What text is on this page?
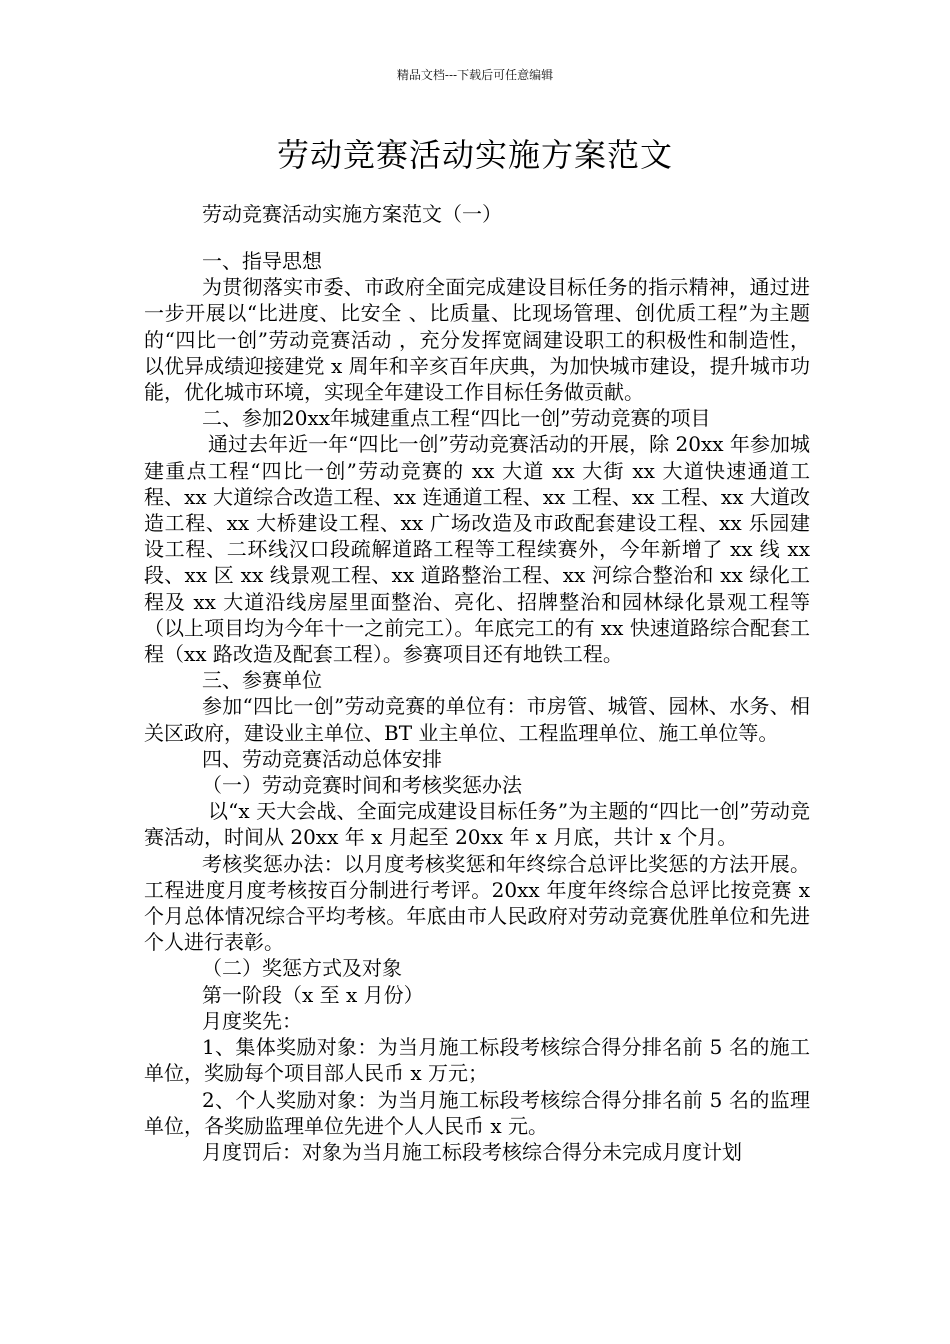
精品文档---下载后可任意编辑
劳动竞赛活动实施方案范文
劳动竞赛活动实施方案范文（一）

一、指导思想

为贯彻落实市委、市政府全面完成建设目标任务的指示精神，通过进一步开展以“比进度、比安全 、比质量、比现场管理、创优质工程”为主题的“四比一创”劳动竞赛活动 ，充分发挥宽阔建设职工的积极性和制造性，以优异成绩迎接建党 x 周年和辛亥百年庆典，为加快城市建设，提升城市功能，优化城市环境，实现全年建设工作目标任务做贡献。

二、参加20xx年城建重点工程“四比一创”劳动竞赛的项目

通过去年近一年“四比一创”劳动竞赛活动的开展，除 20xx 年参加城建重点工程“四比一创”劳动竞赛的 xx 大道 xx 大街 xx 大道快速通道工程、xx 大道综合改造工程、xx 连通道工程、xx 工程、xx 工程、xx 大道改造工程、xx 大桥建设工程、xx 广场改造及市政配套建设工程、xx 乐园建设工程、二环线汉口段疏解道路工程等工程续赛外，今年新增了 xx 线 xx 段、xx 区 xx 线景观工程、xx 道路整治工程、xx 河综合整治和 xx 绿化工程及 xx 大道沿线房屋里面整治、亮化、招牌整治和园林绿化景观工程等（以上项目均为今年十一之前完工）。年底完工的有 xx 快速道路综合配套工程（xx 路改造及配套工程）。参赛项目还有地铁工程。

三、参赛单位

参加“四比一创”劳动竞赛的单位有：市房管、城管、园林、水务、相关区政府，建设业主单位、BT 业主单位、工程监理单位、施工单位等。

四、劳动竞赛活动总体安排

（一）劳动竞赛时间和考核奖惩办法

以“x 天大会战、全面完成建设目标任务”为主题的“四比一创”劳动竞赛活动，时间从 20xx 年 x 月起至 20xx 年 x 月底，共计 x 个月。

考核奖惩办法：以月度考核奖惩和年终综合总评比奖惩的方法开展。工程进度月度考核按百分制进行考评。20xx 年度年终综合总评比按竞赛 x 个月总体情况综合平均考核。年底由市人民政府对劳动竞赛优胜单位和先进个人进行表彰。

（二）奖惩方式及对象

第一阶段（x 至 x 月份）

月度奖先：

1、集体奖励对象：为当月施工标段考核综合得分排名前 5 名的施工单位，奖励每个项目部人民币 x 万元；

2、个人奖励对象：为当月施工标段考核综合得分排名前 5 名的监理单位，各奖励监理单位先进个人人民币 x 元。

月度罚后：对象为当月施工标段考核综合得分未完成月度计划
